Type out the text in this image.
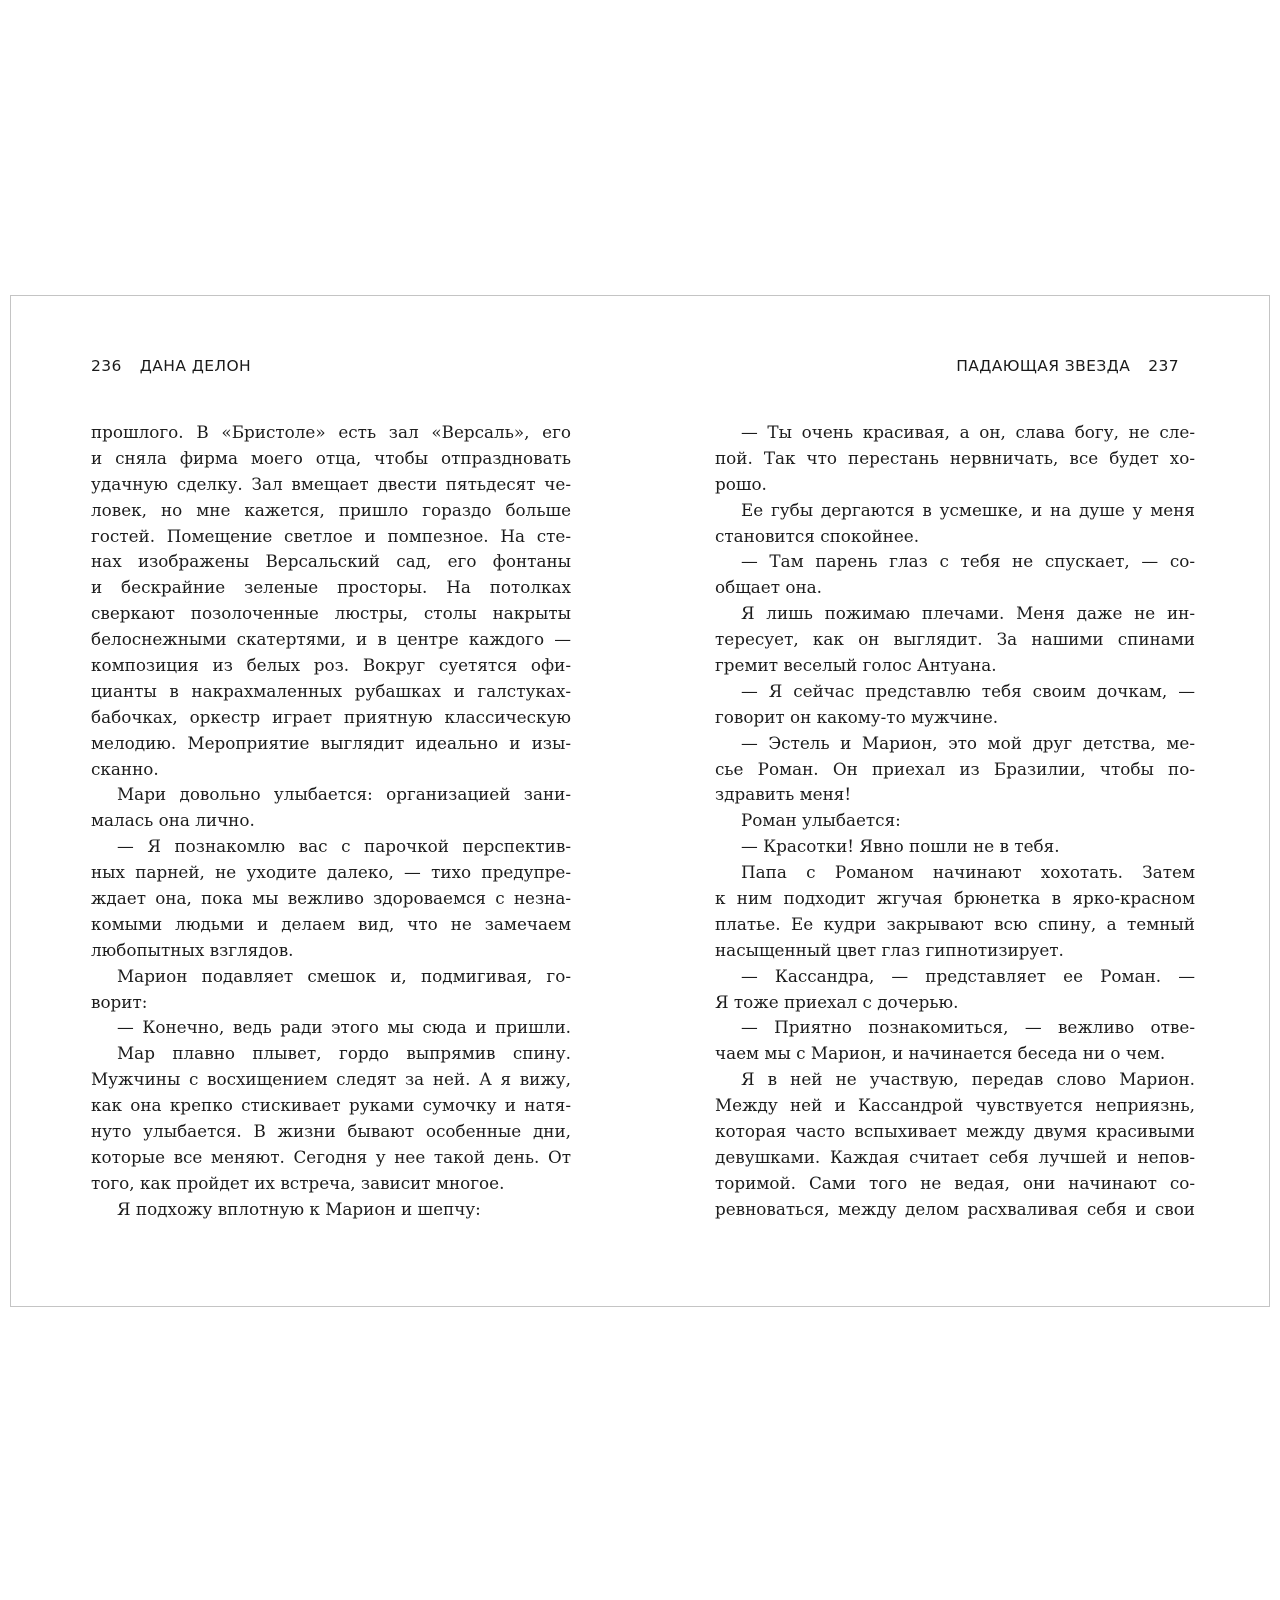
236 ДАНА ДЕЛОН
прошлого. В «Бристоле» есть зал «Версаль», его
и сняла фирма моего отца, чтобы отпраздновать
удачную сделку. Зал вмещает двести пятьдесят че-
ловек, но мне кажется, пришло гораздо больше
гостей. Помещение светлое и помпезное. На сте-
нах изображены Версальский сад, его фонтаны
и бескрайние зеленые просторы. На потолках
сверкают позолоченные люстры, столы накрыты
белоснежными скатертями, и в центре каждого —
композиция из белых роз. Вокруг суетятся офи-
цианты в накрахмаленных рубашках и галстуках-
бабочках, оркестр играет приятную классическую
мелодию. Мероприятие выглядит идеально и изы-
сканно.
Мари довольно улыбается: организацией зани-
малась она лично.
— Я познакомлю вас с парочкой перспектив-
ных парней, не уходите далеко, — тихо предупре-
ждает она, пока мы вежливо здороваемся с незна-
комыми людьми и делаем вид, что не замечаем
любопытных взглядов.
Марион подавляет смешок и, подмигивая, го-
ворит:
— Конечно, ведь ради этого мы сюда и пришли.
Мар плавно плывет, гордо выпрямив спину.
Мужчины с восхищением следят за ней. А я вижу,
как она крепко стискивает руками сумочку и натя-
нуто улыбается. В жизни бывают особенные дни,
которые все меняют. Сегодня у нее такой день. От
того, как пройдет их встреча, зависит многое.
Я подхожу вплотную к Марион и шепчу:
ПАДАЮЩАЯ ЗВЕЗДА 237
— Ты очень красивая, а он, слава богу, не сле-
пой. Так что перестань нервничать, все будет хо-
рошо.
Ее губы дергаются в усмешке, и на душе у меня
становится спокойнее.
— Там парень глаз с тебя не спускает, — со-
общает она.
Я лишь пожимаю плечами. Меня даже не ин-
тересует, как он выглядит. За нашими спинами
гремит веселый голос Антуана.
— Я сейчас представлю тебя своим дочкам, —
говорит он какому-то мужчине.
— Эстель и Марион, это мой друг детства, ме-
сье Роман. Он приехал из Бразилии, чтобы по-
здравить меня!
Роман улыбается:
— Красотки! Явно пошли не в тебя.
Папа с Романом начинают хохотать. Затем
к ним подходит жгучая брюнетка в ярко-красном
платье. Ее кудри закрывают всю спину, а темный
насыщенный цвет глаз гипнотизирует.
— Кассандра, — представляет ее Роман. —
Я тоже приехал с дочерью.
— Приятно познакомиться, — вежливо отве-
чаем мы с Марион, и начинается беседа ни о чем.
Я в ней не участвую, передав слово Марион.
Между ней и Кассандрой чувствуется неприязнь,
которая часто вспыхивает между двумя красивыми
девушками. Каждая считает себя лучшей и непов-
торимой. Сами того не ведая, они начинают со-
ревноваться, между делом расхваливая себя и свои
